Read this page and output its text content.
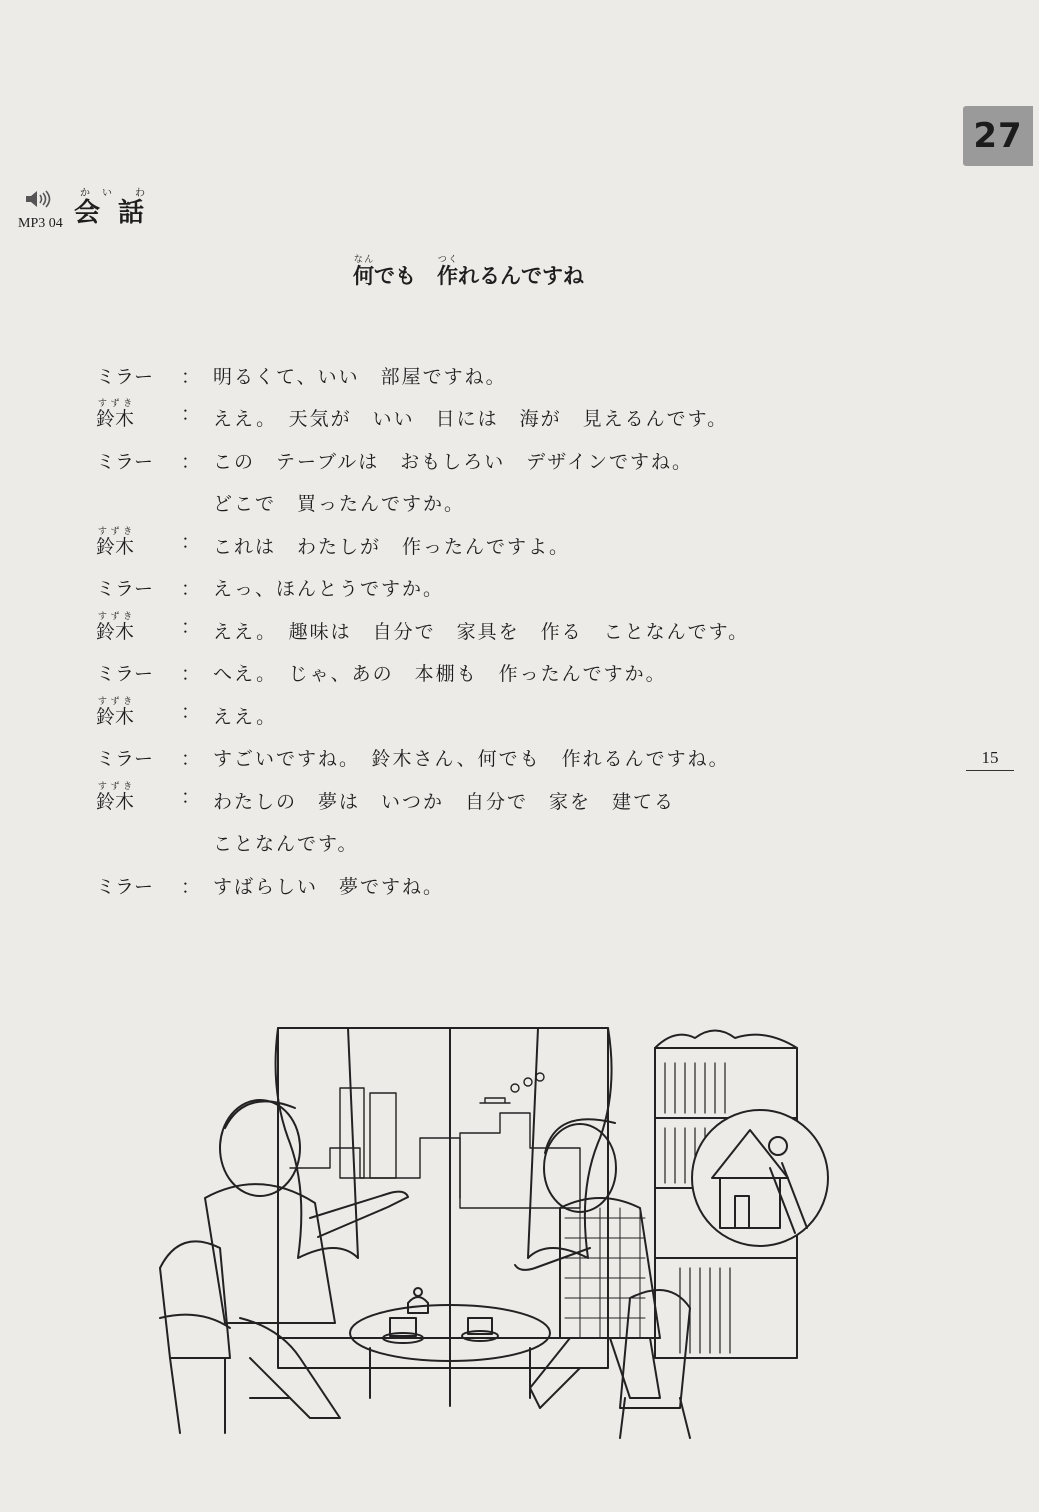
27
MP3 04 会かい話わ
何なんでも　作つくれるんですね
ミラー ： 明るくて、いい　部屋ですね。
鈴木すずき ： ええ。　天気が　いい　日には　海が　見えるんです。
ミラー ： この　テーブルは　おもしろい　デザインですね。
どこで　買ったんですか。
鈴木すずき ： これは　わたしが　作ったんですよ。
ミラー ： えっ、ほんとうですか。
鈴木すずき ： ええ。　趣味は　自分で　家具を　作る　ことなんです。
ミラー ： へえ。　じゃ、あの　本棚も　作ったんですか。
鈴木すずき ： ええ。
ミラー ： すごいですね。　鈴木さん、何でも　作れるんですね。
鈴木すずき ： わたしの　夢は　いつか　自分で　家を　建てる
ことなんです。
ミラー ： すばらしい　夢ですね。
15
